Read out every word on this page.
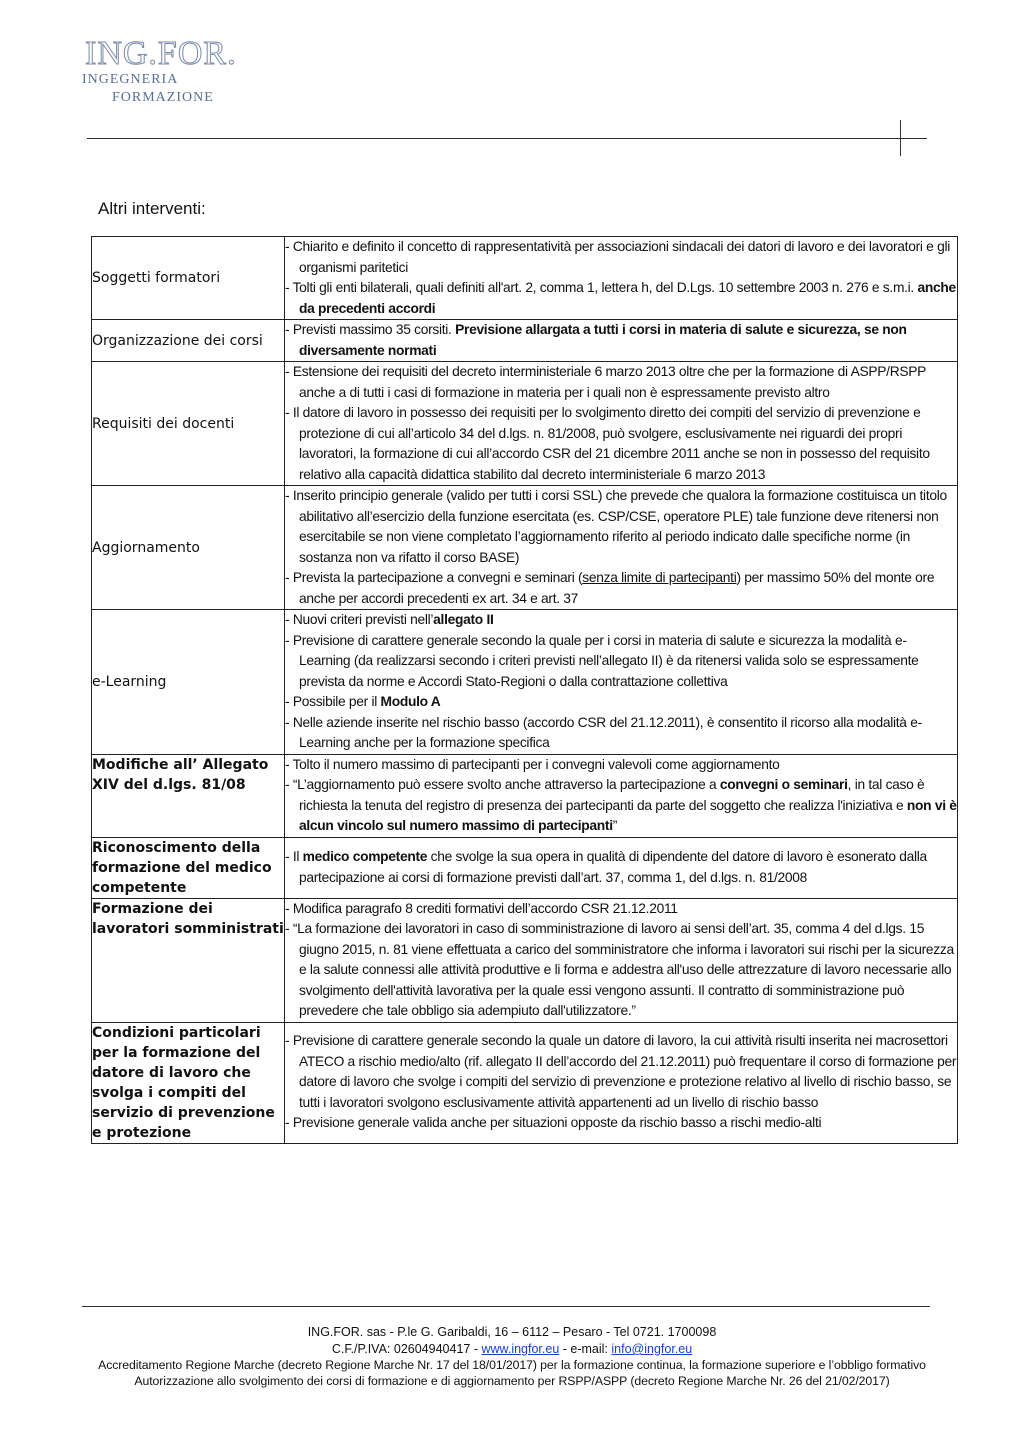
ING.FOR.
INGEGNERIA
FORMAZIONE
Altri interventi:
Soggetti formatori	- Chiarito e definito il concetto di rappresentatività per associazioni sindacali dei datori di lavoro e dei lavoratori e gli organismi paritetici
- Tolti gli enti bilaterali, quali definiti all'art. 2, comma 1, lettera h, del D.Lgs. 10 settembre 2003 n. 276 e s.m.i. anche da precedenti accordi

Organizzazione dei corsi	- Previsti massimo 35 corsiti. Previsione allargata a tutti i corsi in materia di salute e sicurezza, se non diversamente normati

Requisiti dei docenti	- Estensione dei requisiti del decreto interministeriale 6 marzo 2013 oltre che per la formazione di ASPP/RSPP anche a di tutti i casi di formazione in materia per i quali non è espressamente previsto altro
- Il datore di lavoro in possesso dei requisiti per lo svolgimento diretto dei compiti del servizio di prevenzione e protezione di cui all’articolo 34 del d.lgs. n. 81/2008, può svolgere, esclusivamente nei riguardi dei propri lavoratori, la formazione di cui all’accordo CSR del 21 dicembre 2011 anche se non in possesso del requisito relativo alla capacità didattica stabilito dal decreto interministeriale 6 marzo 2013

Aggiornamento	- Inserito principio generale (valido per tutti i corsi SSL) che prevede che qualora la formazione costituisca un titolo abilitativo all’esercizio della funzione esercitata (es. CSP/CSE, operatore PLE) tale funzione deve ritenersi non esercitabile se non viene completato l’aggiornamento riferito al periodo indicato dalle specifiche norme (in sostanza non va rifatto il corso BASE)
- Prevista la partecipazione a convegni e seminari (senza limite di partecipanti) per massimo 50% del monte ore anche per accordi precedenti ex art. 34 e art. 37

e-Learning	- Nuovi criteri previsti nell’allegato II
- Previsione di carattere generale secondo la quale per i corsi in materia di salute e sicurezza la modalità e-Learning (da realizzarsi secondo i criteri previsti nell’allegato II) è da ritenersi valida solo se espressamente prevista da norme e Accordi Stato-Regioni o dalla contrattazione collettiva
- Possibile per il Modulo A
- Nelle aziende inserite nel rischio basso (accordo CSR del 21.12.2011), è consentito il ricorso alla modalità e-Learning anche per la formazione specifica

Modifiche all’ Allegato XIV del d.lgs. 81/08	- Tolto il numero massimo di partecipanti per i convegni valevoli come aggiornamento
- “L’aggiornamento può essere svolto anche attraverso la partecipazione a convegni o seminari, in tal caso è richiesta la tenuta del registro di presenza dei partecipanti da parte del soggetto che realizza l'iniziativa e non vi è alcun vincolo sul numero massimo di partecipanti”

Riconoscimento della formazione del medico competente	- Il medico competente che svolge la sua opera in qualità di dipendente del datore di lavoro è esonerato dalla partecipazione ai corsi di formazione previsti dall’art. 37, comma 1, del d.lgs. n. 81/2008

Formazione dei lavoratori somministrati	- Modifica paragrafo 8 crediti formativi dell’accordo CSR 21.12.2011
- “La formazione dei lavoratori in caso di somministrazione di lavoro ai sensi dell’art. 35, comma 4 del d.lgs. 15 giugno 2015, n. 81 viene effettuata a carico del somministratore che informa i lavoratori sui rischi per la sicurezza e la salute connessi alle attività produttive e li forma e addestra all'uso delle attrezzature di lavoro necessarie allo svolgimento dell'attività lavorativa per la quale essi vengono assunti. Il contratto di somministrazione può prevedere che tale obbligo sia adempiuto dall'utilizzatore.”

Condizioni particolari per la formazione del datore di lavoro che svolga i compiti del servizio di prevenzione e protezione	- Previsione di carattere generale secondo la quale un datore di lavoro, la cui attività risulti inserita nei macrosettori ATECO a rischio medio/alto (rif. allegato II dell’accordo del 21.12.2011) può frequentare il corso di formazione per datore di lavoro che svolge i compiti del servizio di prevenzione e protezione relativo al livello di rischio basso, se tutti i lavoratori svolgono esclusivamente attività appartenenti ad un livello di rischio basso
- Previsione generale valida anche per situazioni opposte da rischio basso a rischi medio-alti
ING.FOR. sas - P.le G. Garibaldi, 16 – 6112 – Pesaro - Tel 0721. 1700098
C.F./P.IVA: 02604940417 - www.ingfor.eu - e-mail: info@ingfor.eu
Accreditamento Regione Marche (decreto Regione Marche Nr. 17 del 18/01/2017) per la formazione continua, la formazione superiore e l’obbligo formativo
Autorizzazione allo svolgimento dei corsi di formazione e di aggiornamento per RSPP/ASPP (decreto Regione Marche Nr. 26 del 21/02/2017)
